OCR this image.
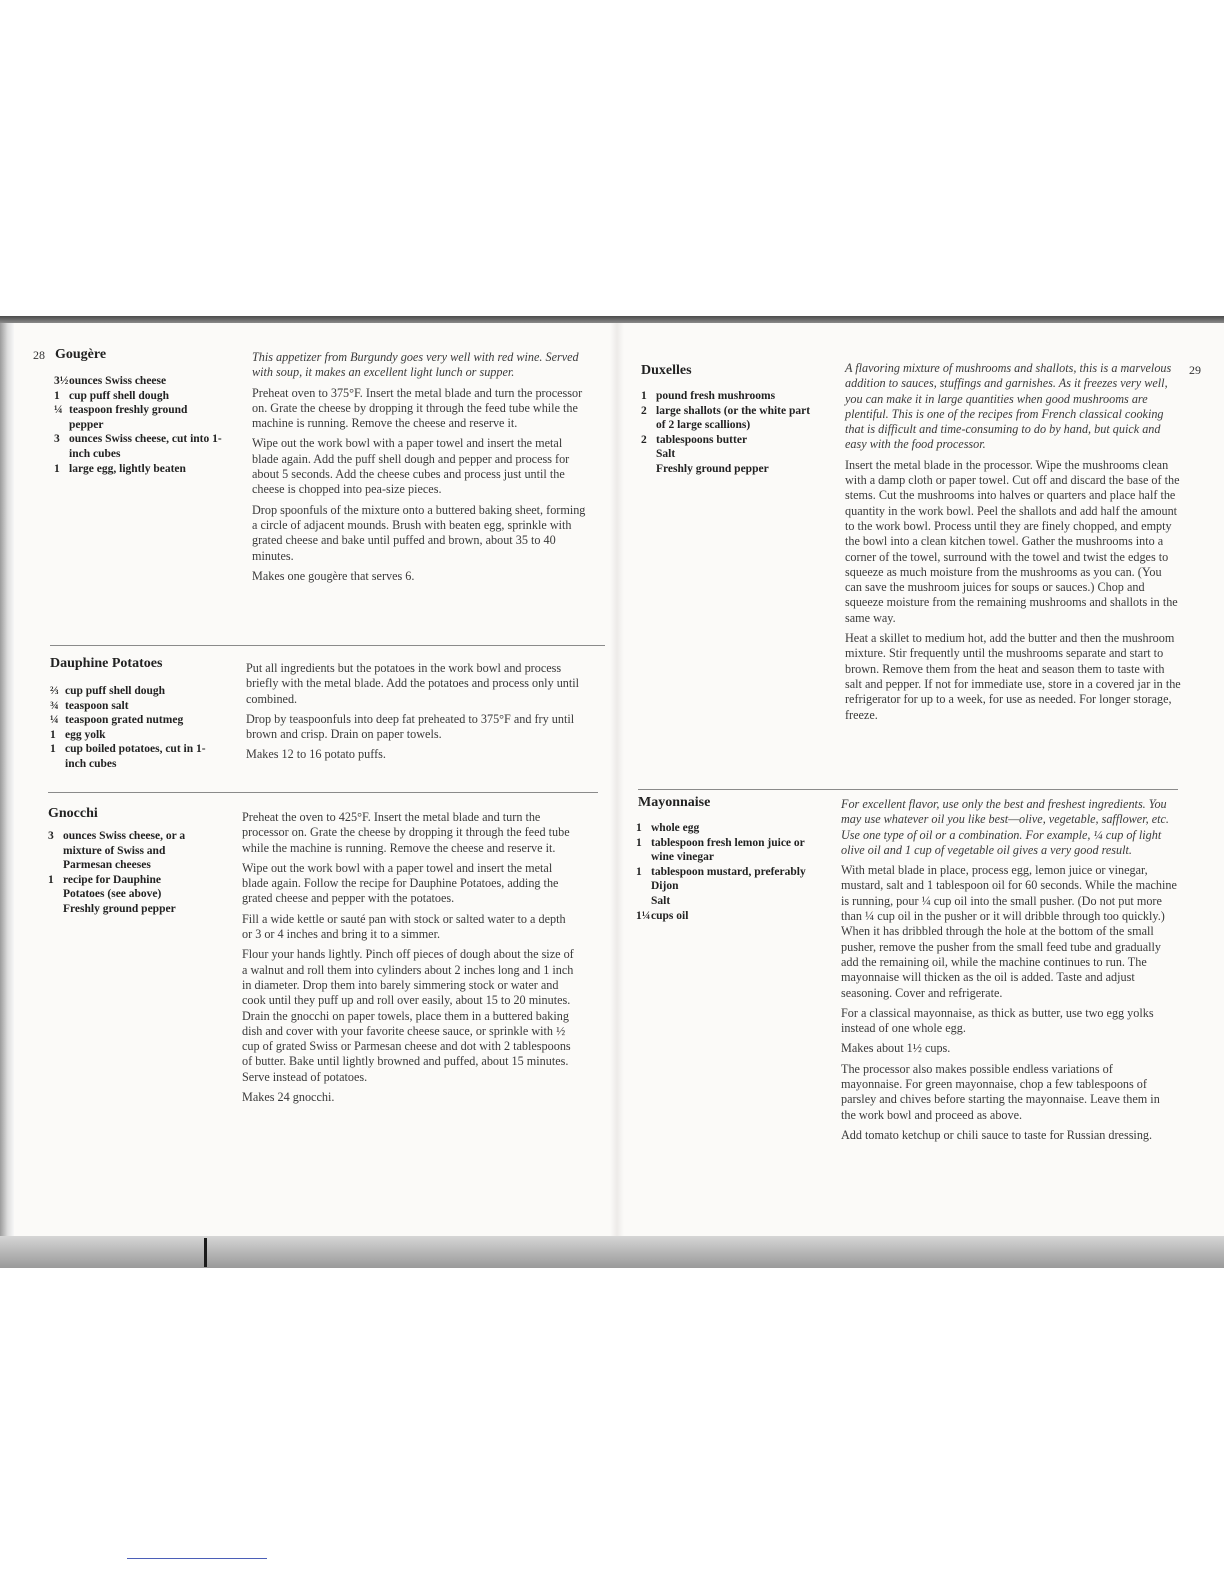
28 Gougère
3½ ounces Swiss cheese
1 cup puff shell dough
¼ teaspoon freshly ground pepper
3 ounces Swiss cheese, cut into 1-inch cubes
1 large egg, lightly beaten

This appetizer from Burgundy goes very well with red wine. Served with soup, it makes an excellent light lunch or supper.

Preheat oven to 375°F. Insert the metal blade and turn the processor on. Grate the cheese by dropping it through the feed tube while the machine is running. Remove the cheese and reserve it.

Wipe out the work bowl with a paper towel and insert the metal blade again. Add the puff shell dough and pepper and process for about 5 seconds. Add the cheese cubes and process just until the cheese is chopped into pea-size pieces.

Drop spoonfuls of the mixture onto a buttered baking sheet, forming a circle of adjacent mounds. Brush with beaten egg, sprinkle with grated cheese and bake until puffed and brown, about 35 to 40 minutes.

Makes one gougère that serves 6.

Dauphine Potatoes
⅔ cup puff shell dough
¾ teaspoon salt
¼ teaspoon grated nutmeg
1 egg yolk
1 cup boiled potatoes, cut in 1-inch cubes

Put all ingredients but the potatoes in the work bowl and process briefly with the metal blade. Add the potatoes and process only until combined.

Drop by teaspoonfuls into deep fat preheated to 375°F and fry until brown and crisp. Drain on paper towels.

Makes 12 to 16 potato puffs.

Gnocchi
3 ounces Swiss cheese, or a mixture of Swiss and Parmesan cheeses
1 recipe for Dauphine Potatoes (see above)
Freshly ground pepper

Preheat the oven to 425°F. Insert the metal blade and turn the processor on. Grate the cheese by dropping it through the feed tube while the machine is running. Remove the cheese and reserve it.

Wipe out the work bowl with a paper towel and insert the metal blade again. Follow the recipe for Dauphine Potatoes, adding the grated cheese and pepper with the potatoes.

Fill a wide kettle or sauté pan with stock or salted water to a depth or 3 or 4 inches and bring it to a simmer.

Flour your hands lightly. Pinch off pieces of dough about the size of a walnut and roll them into cylinders about 2 inches long and 1 inch in diameter. Drop them into barely simmering stock or water and cook until they puff up and roll over easily, about 15 to 20 minutes. Drain the gnocchi on paper towels, place them in a buttered baking dish and cover with your favorite cheese sauce, or sprinkle with ½ cup of grated Swiss or Parmesan cheese and dot with 2 tablespoons of butter. Bake until lightly browned and puffed, about 15 minutes. Serve instead of potatoes.

Makes 24 gnocchi.

29
Duxelles
1 pound fresh mushrooms
2 large shallots (or the white part of 2 large scallions)
2 tablespoons butter
Salt
Freshly ground pepper

A flavoring mixture of mushrooms and shallots, this is a marvelous addition to sauces, stuffings and garnishes. As it freezes very well, you can make it in large quantities when good mushrooms are plentiful. This is one of the recipes from French classical cooking that is difficult and time-consuming to do by hand, but quick and easy with the food processor.

Insert the metal blade in the processor. Wipe the mushrooms clean with a damp cloth or paper towel. Cut off and discard the base of the stems. Cut the mushrooms into halves or quarters and place half the quantity in the work bowl. Peel the shallots and add half the amount to the work bowl. Process until they are finely chopped, and empty the bowl into a clean kitchen towel. Gather the mushrooms into a corner of the towel, surround with the towel and twist the edges to squeeze as much moisture from the mushrooms as you can. (You can save the mushroom juices for soups or sauces.) Chop and squeeze moisture from the remaining mushrooms and shallots in the same way.

Heat a skillet to medium hot, add the butter and then the mushroom mixture. Stir frequently until the mushrooms separate and start to brown. Remove them from the heat and season them to taste with salt and pepper. If not for immediate use, store in a covered jar in the refrigerator for up to a week, for use as needed. For longer storage, freeze.

Mayonnaise
1 whole egg
1 tablespoon fresh lemon juice or wine vinegar
1 tablespoon mustard, preferably Dijon
Salt
1¼ cups oil

For excellent flavor, use only the best and freshest ingredients. You may use whatever oil you like best—olive, vegetable, safflower, etc. Use one type of oil or a combination. For example, ¼ cup of light olive oil and 1 cup of vegetable oil gives a very good result.

With metal blade in place, process egg, lemon juice or vinegar, mustard, salt and 1 tablespoon oil for 60 seconds. While the machine is running, pour ¼ cup oil into the small pusher. (Do not put more than ¼ cup oil in the pusher or it will dribble through too quickly.) When it has dribbled through the hole at the bottom of the small pusher, remove the pusher from the small feed tube and gradually add the remaining oil, while the machine continues to run. The mayonnaise will thicken as the oil is added. Taste and adjust seasoning. Cover and refrigerate.

For a classical mayonnaise, as thick as butter, use two egg yolks instead of one whole egg.

Makes about 1½ cups.

The processor also makes possible endless variations of mayonnaise. For green mayonnaise, chop a few tablespoons of parsley and chives before starting the mayonnaise. Leave them in the work bowl and proceed as above.

Add tomato ketchup or chili sauce to taste for Russian dressing.
